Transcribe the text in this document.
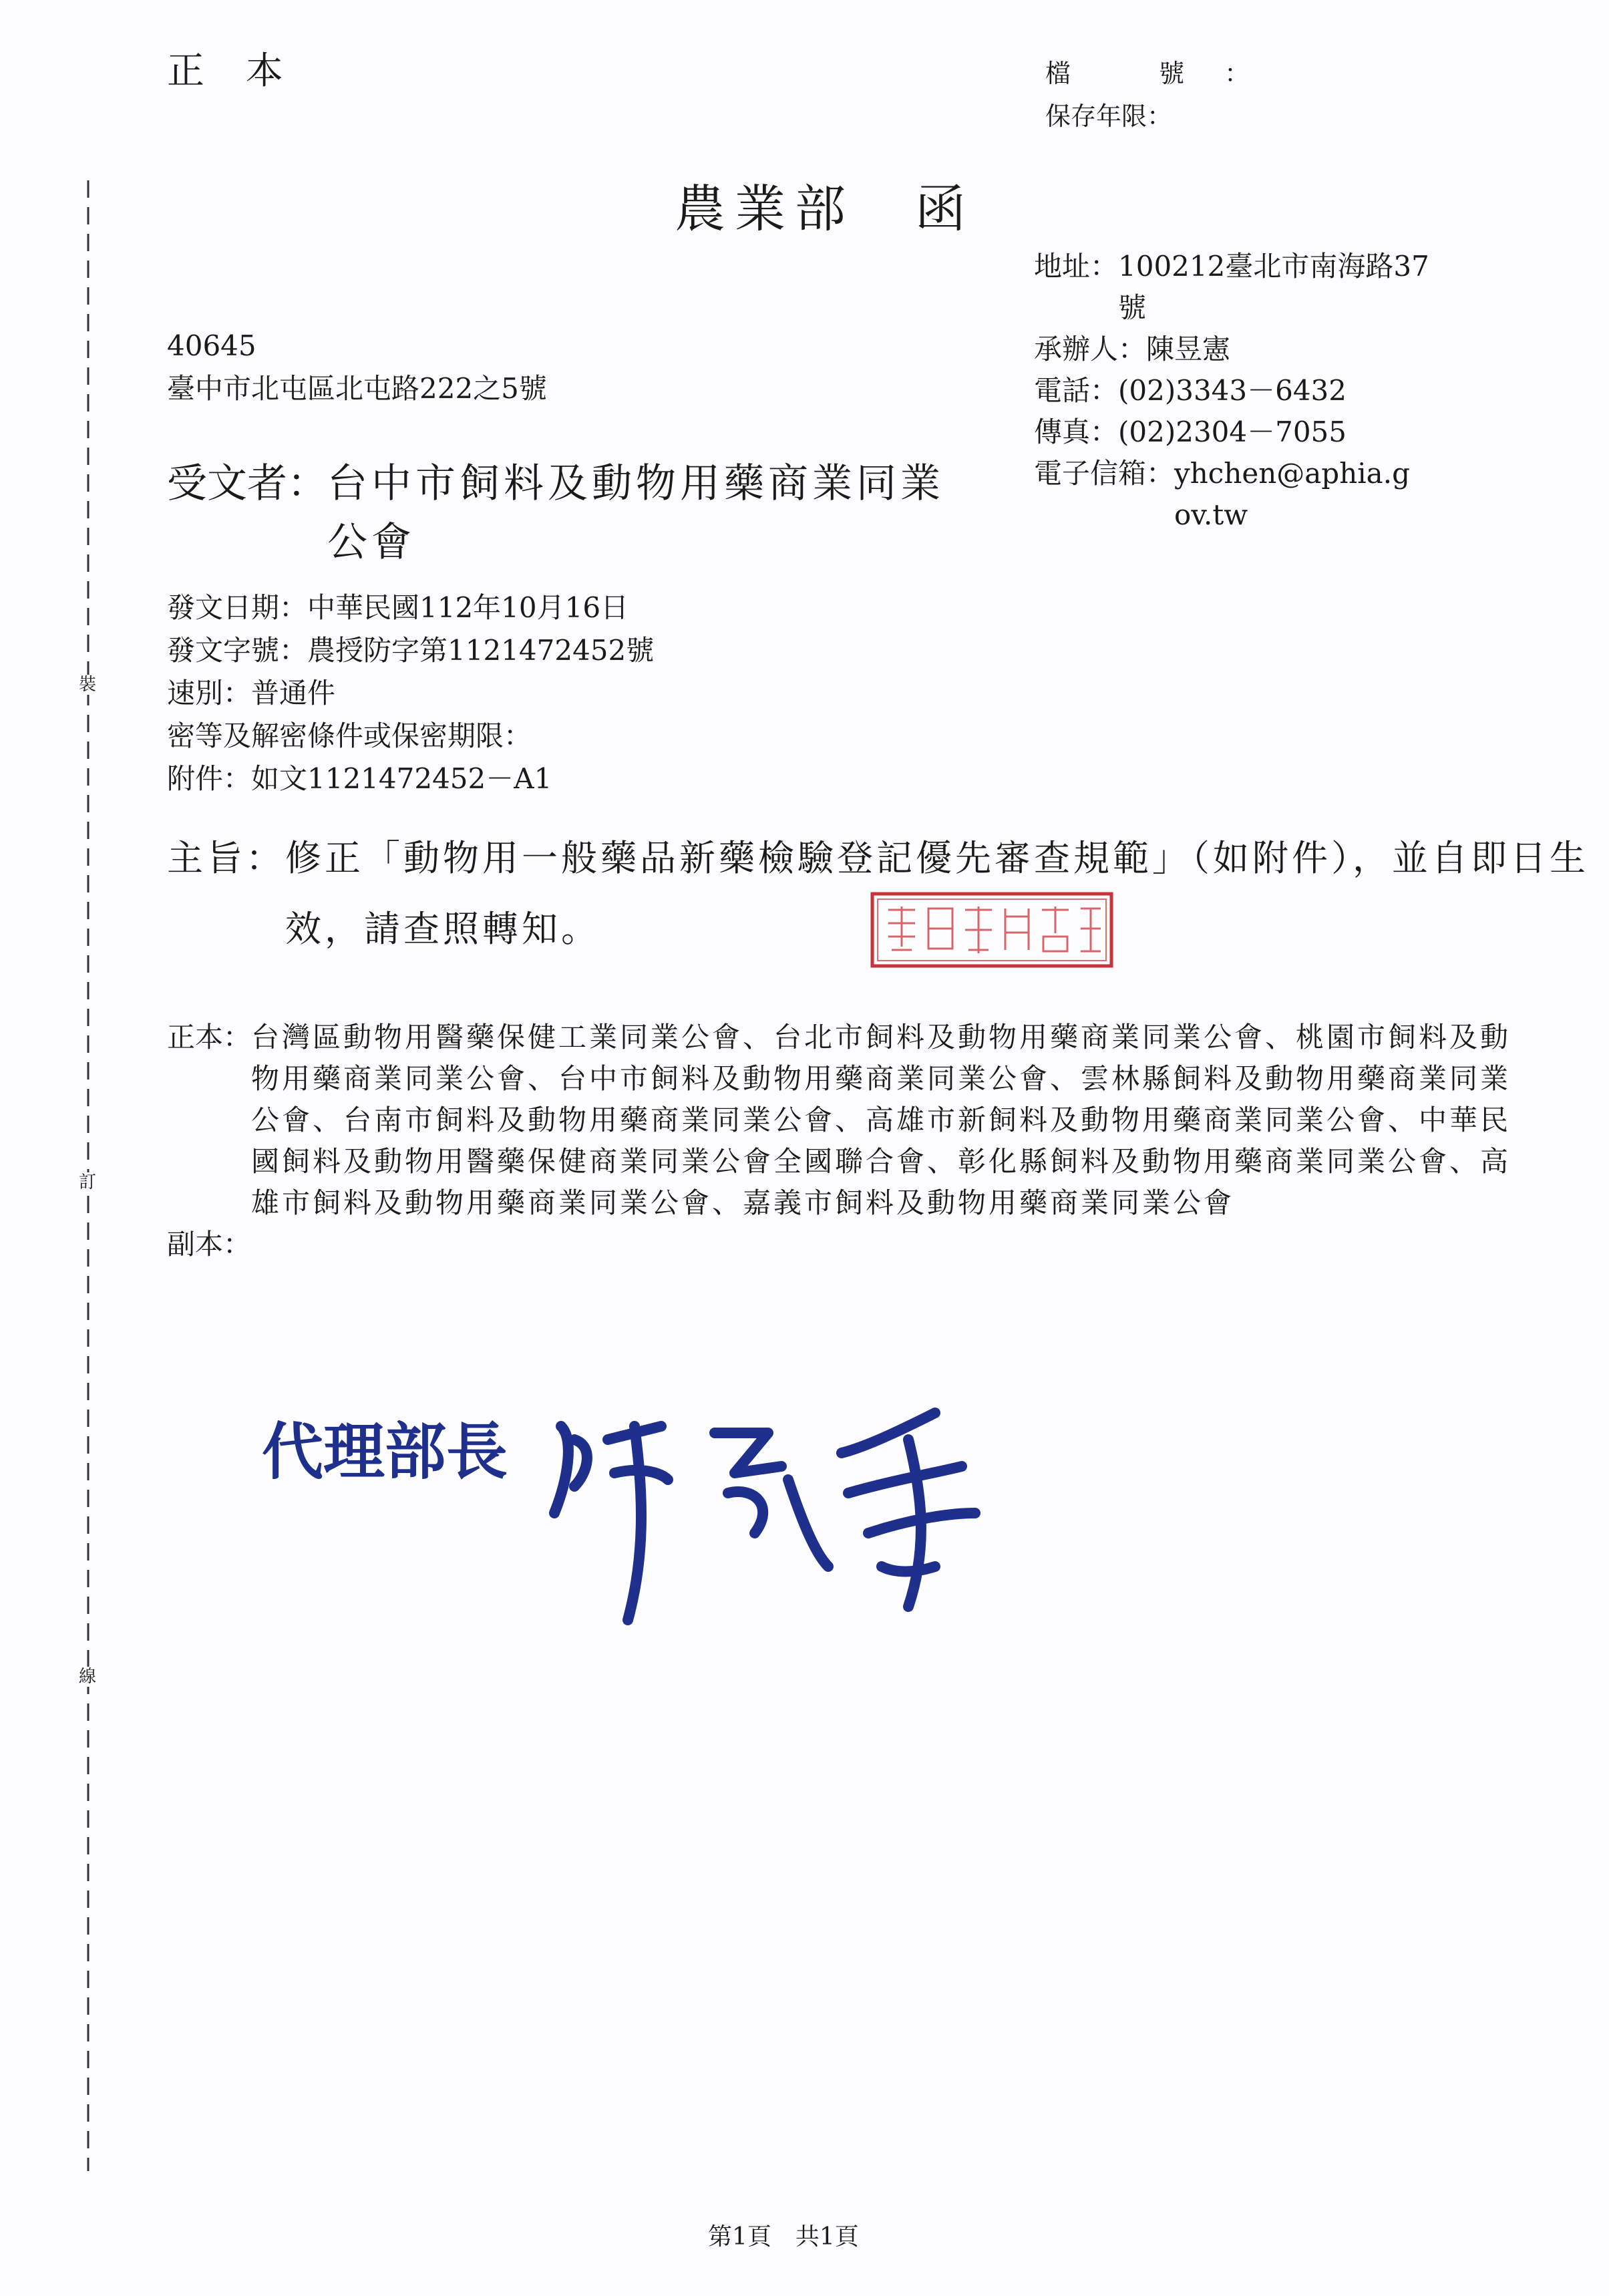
正 本	檔 號：
保存年限：
農業部　函
地址： 100212臺北市南海路37號
承辦人： 陳昱憲
電話： (02)3343－6432
傳真： (02)2304－7055
電子信箱： yhchen@aphia.gov.tw
40645
臺中市北屯區北屯路222之5號
受文者： 台中市飼料及動物用藥商業同業公會
發文日期：中華民國112年10月16日
發文字號：農授防字第1121472452號
速別：普通件
密等及解密條件或保密期限：
附件：如文1121472452－A1
主旨： 修正「動物用一般藥品新藥檢驗登記優先審查規範」（如附件），並自即日生效，請查照轉知。
正本： 台灣區動物用醫藥保健工業同業公會、台北市飼料及動物用藥商業同業公會、桃園市飼料及動物用藥商業同業公會、台中市飼料及動物用藥商業同業公會、雲林縣飼料及動物用藥商業同業公會、台南市飼料及動物用藥商業同業公會、高雄市新飼料及動物用藥商業同業公會、中華民國飼料及動物用醫藥保健商業同業公會全國聯合會、彰化縣飼料及動物用藥商業同業公會、高雄市飼料及動物用藥商業同業公會、嘉義市飼料及動物用藥商業同業公會
副本：
代理部長
裝
訂
線
第1頁　共1頁
